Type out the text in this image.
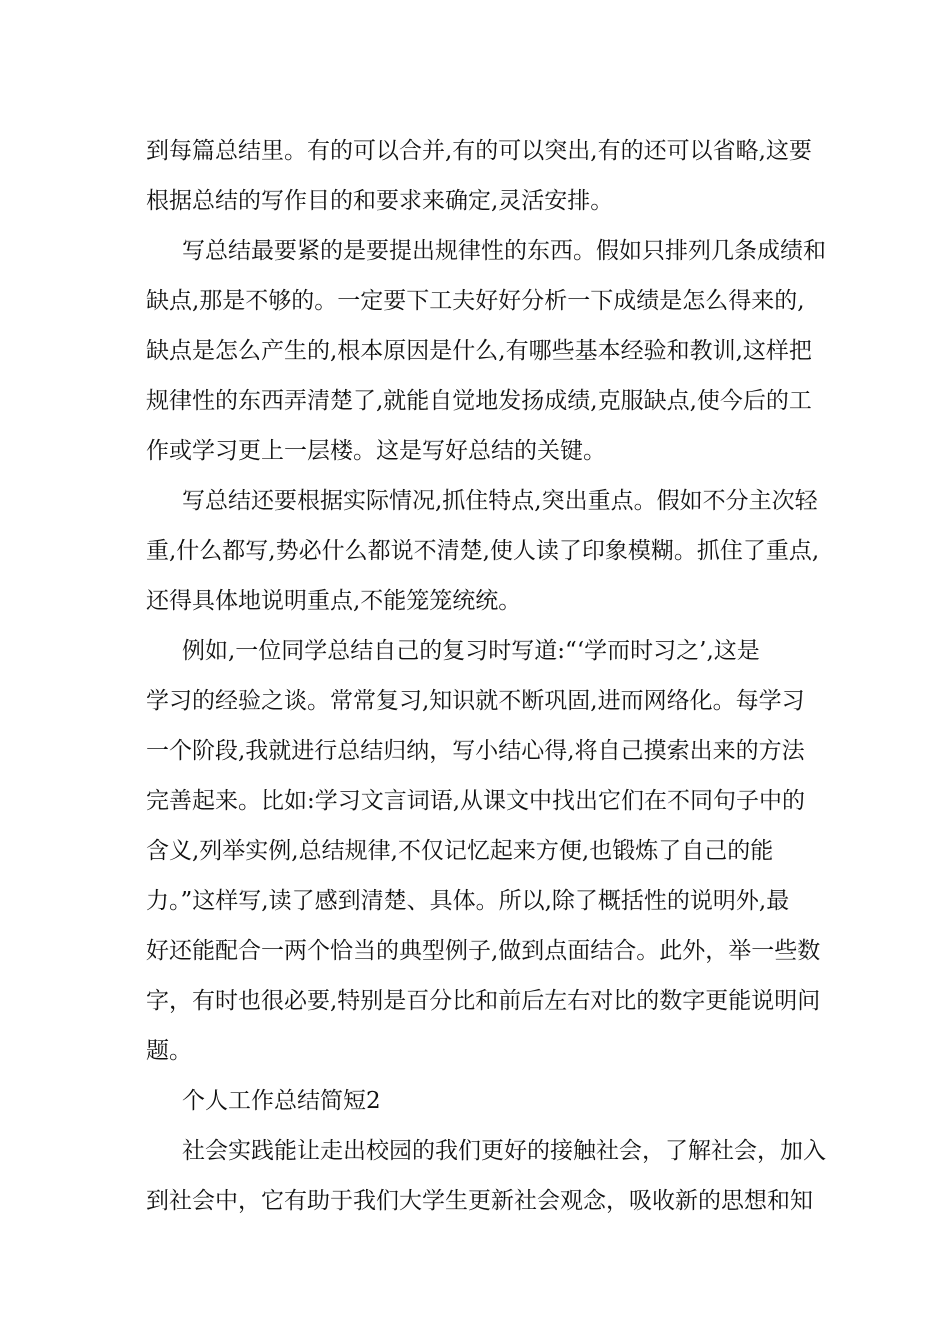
到每篇总结里。有的可以合并,有的可以突出,有的还可以省略,这要
根据总结的写作目的和要求来确定,灵活安排。
写总结最要紧的是要提出规律性的东西。假如只排列几条成绩和
缺点,那是不够的。一定要下工夫好好分析一下成绩是怎么得来的,
缺点是怎么产生的,根本原因是什么,有哪些基本经验和教训,这样把
规律性的东西弄清楚了,就能自觉地发扬成绩,克服缺点,使今后的工
作或学习更上一层楼。这是写好总结的关键。
写总结还要根据实际情况,抓住特点,突出重点。假如不分主次轻
重,什么都写,势必什么都说不清楚,使人读了印象模糊。抓住了重点,
还得具体地说明重点,不能笼笼统统。
例如,一位同学总结自己的复习时写道:“‘学而时习之’,这是
学习的经验之谈。常常复习,知识就不断巩固,进而网络化。每学习
一个阶段,我就进行总结归纳，写小结心得,将自己摸索出来的方法
完善起来。比如:学习文言词语,从课文中找出它们在不同句子中的
含义,列举实例,总结规律,不仅记忆起来方便,也锻炼了自己的能
力。”这样写,读了感到清楚、具体。所以,除了概括性的说明外,最
好还能配合一两个恰当的典型例子,做到点面结合。此外，举一些数
字，有时也很必要,特别是百分比和前后左右对比的数字更能说明问
题。
个人工作总结简短2
社会实践能让走出校园的我们更好的接触社会，了解社会，加入
到社会中，它有助于我们大学生更新社会观念，吸收新的思想和知
